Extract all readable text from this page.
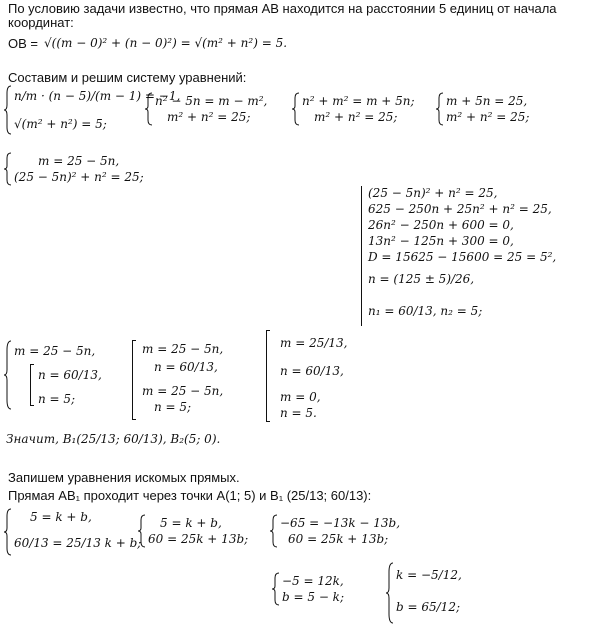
По условию задачи известно, что прямая АВ находится на расстоянии 5 единиц от начала
координат:
OB = √((m − 0)² + (n − 0)²) = √(m² + n²) = 5.
Составим и решим систему уравнений:
n/m · (n − 5)/(m − 1) = −1,
√(m² + n²) = 5;
n² − 5n = m − m²,
m² + n² = 25;
n² + m² = m + 5n;
m² + n² = 25;
m + 5n = 25,
m² + n² = 25;
m = 25 − 5n,
(25 − 5n)² + n² = 25;
(25 − 5n)² + n² = 25,
625 − 250n + 25n² + n² = 25,
26n² − 250n + 600 = 0,
13n² − 125n + 300 = 0,
D = 15625 − 15600 = 25 = 5²,
n = (125 ± 5)/26,
n₁ = 60/13, n₂ = 5;
m = 25 − 5n,
n = 60/13,
n = 5;
m = 25 − 5n,
n = 60/13,
m = 25 − 5n,
n = 5;
m = 25/13,
n = 60/13,
m = 0,
n = 5.
Значит, B₁(25/13; 60/13), B₂(5; 0).
Запишем уравнения искомых прямых.
Прямая АВ₁ проходит через точки А(1; 5) и В₁ (25/13; 60/13):
5 = k + b,
60/13 = 25/13 k + b;
5 = k + b,
60 = 25k + 13b;
−65 = −13k − 13b,
60 = 25k + 13b;
−5 = 12k,
b = 5 − k;
k = −5/12,
b = 65/12;
